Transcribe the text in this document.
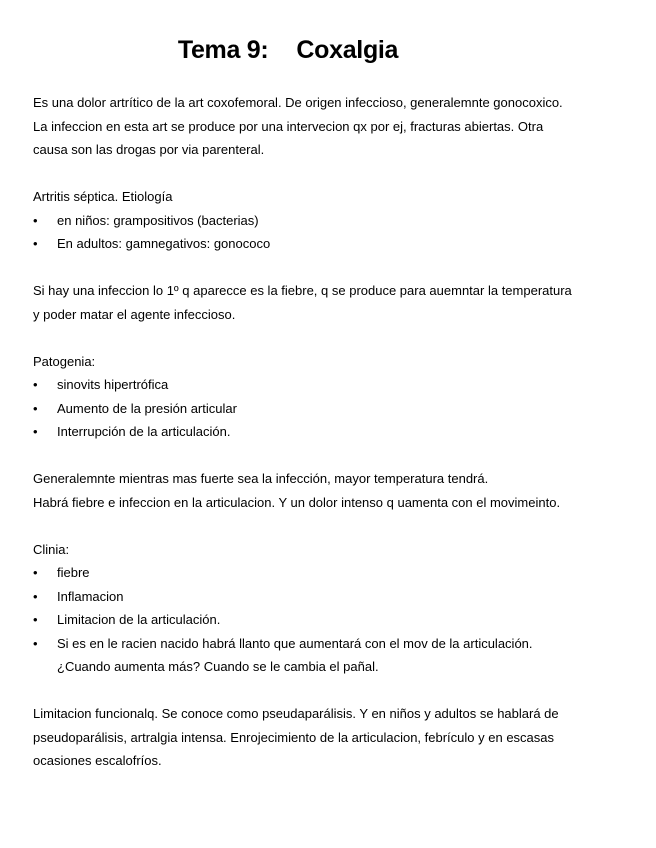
Tema 9: Coxalgia

Es una dolor artrítico de la art coxofemoral. De origen infeccioso, generalemnte gonocoxico.

La infeccion en esta art se produce por una intervecion qx por ej, fracturas abiertas. Otra

causa son las drogas por via parenteral.

Artritis séptica. Etiología

• en niños: grampositivos (bacterias)
• En adultos: gamnegativos: gonococo

Si hay una infeccion lo 1º q aparecce es la fiebre, q se produce para auemntar la temperatura

y poder matar el agente infeccioso.

Patogenia:

• sinovits hipertrófica
• Aumento de la presión articular
• Interrupción de la articulación.

Generalemnte mientras mas fuerte sea la infección, mayor temperatura tendrá.

Habrá fiebre e infeccion en la articulacion. Y un dolor intenso q uamenta con el movimeinto.

Clinia:

• fiebre
• Inflamacion
• Limitacion de la articulación.
• Si es en le racien nacido habrá llanto que aumentará con el mov de la articulación.
¿Cuando aumenta más? Cuando se le cambia el pañal.

Limitacion funcionalq. Se conoce como pseudaparálisis. Y en niños y adultos se hablará de

pseudoparálisis, artralgia intensa. Enrojecimiento de la articulacion, febrículo y en escasas

ocasiones escalofríos.
